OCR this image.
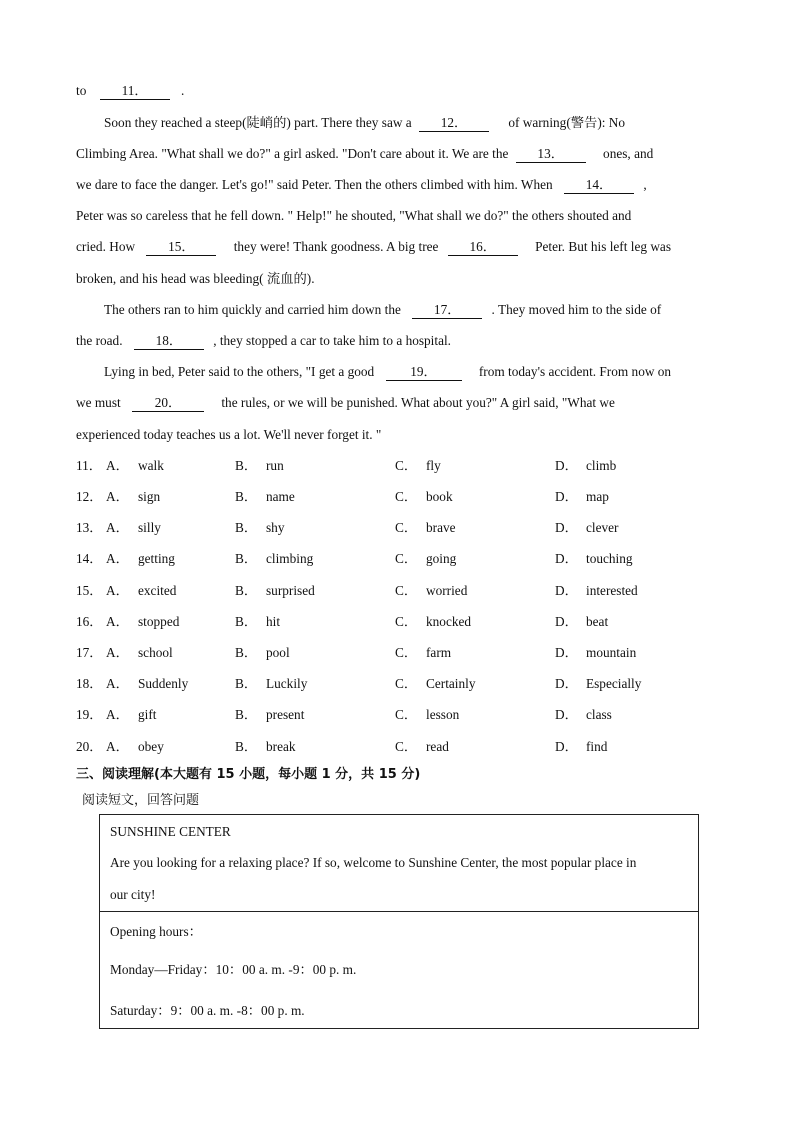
to	11．	.
Soon they reached a steep(陡峭的) part. There they saw a 12．	of warning(警告): No
Climbing Area. "What shall we do?" a girl asked. "Don't care about it. We are the 13．	ones, and
we dare to face the danger. Let's go!" said Peter. Then the others climbed with him. When 14． ,
Peter was so careless that he fell down. " Help!" he shouted, "What shall we do?" the others shouted and
cried. How 15．	they were! Thank goodness. A big tree 16．	Peter. But his left leg was
broken, and his head was bleeding( 流血的).
The others ran to him quickly and carried him down the 17． . They moved him to the side of
the road. 18． , they stopped a car to take him to a hospital.
Lying in bed, Peter said to the others, "I get a good	19．	from today's accident. From now on
we must	20．	the rules, or we will be punished. What about you?" A girl said, "What we
experienced today teaches us a lot. We'll never forget it. "
11． A． walk	B． run	C． fly	D． climb
12． A． sign	B． name	C． book	D． map
13． A． silly	B． shy	C． brave	D． clever
14． A． getting	B． climbing	C． going	D． touching
15． A． excited	B． surprised	C． worried	D． interested
16． A． stopped	B． hit	C． knocked	D． beat
17． A． school	B． pool	C． farm	D． mountain
18． A． Suddenly	B． Luckily	C． Certainly	D． Especially
19． A． gift	B． present	C． lesson	D． class
20． A． obey	B． break	C． read	D． find
三、阅读理解(本大题有 15 小题，每小题 1 分，共 15 分)
阅读短文，回答问题
SUNSHINE CENTER
Are you looking for a relaxing place? If so, welcome to Sunshine Center, the most popular place in
our city!
Opening hours：
Monday—Friday：10：00 a. m. -9：00 p. m.
Saturday：9：00 a. m. -8：00 p. m.
